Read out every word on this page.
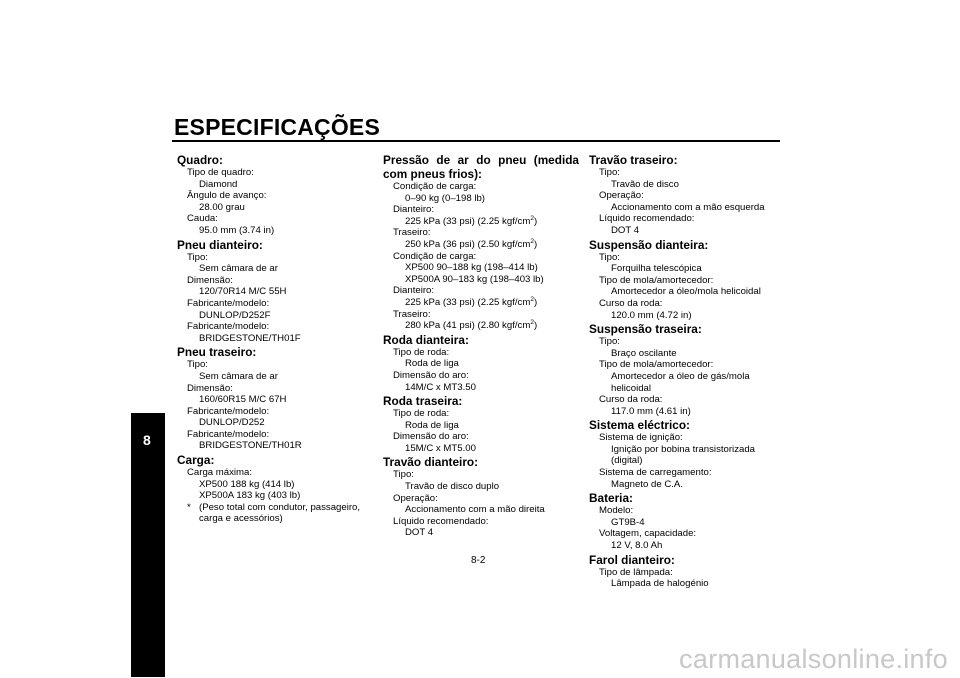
ESPECIFICAÇÕES
8
Quadro:
Tipo de quadro:
Diamond
Ângulo de avanço:
28.00 grau
Cauda:
95.0 mm (3.74 in)
Pneu dianteiro:
Tipo:
Sem câmara de ar
Dimensão:
120/70R14 M/C 55H
Fabricante/modelo:
DUNLOP/D252F
Fabricante/modelo:
BRIDGESTONE/TH01F
Pneu traseiro:
Tipo:
Sem câmara de ar
Dimensão:
160/60R15 M/C 67H
Fabricante/modelo:
DUNLOP/D252
Fabricante/modelo:
BRIDGESTONE/TH01R
Carga:
Carga máxima:
XP500 188 kg (414 lb)
XP500A 183 kg (403 lb)
* (Peso total com condutor, passageiro, carga e acessórios)
Pressão de ar do pneu (medida com pneus frios):
Condição de carga:
0–90 kg (0–198 lb)
Dianteiro:
225 kPa (33 psi) (2.25 kgf/$cm^2$)
Traseiro:
250 kPa (36 psi) (2.50 kgf/$cm^2$)
Condição de carga:
XP500 90–188 kg (198–414 lb)
XP500A 90–183 kg (198–403 lb)
Dianteiro:
225 kPa (33 psi) (2.25 kgf/$cm^2$)
Traseiro:
280 kPa (41 psi) (2.80 kgf/$cm^2$)
Roda dianteira:
Tipo de roda:
Roda de liga
Dimensão do aro:
14M/C x MT3.50
Roda traseira:
Tipo de roda:
Roda de liga
Dimensão do aro:
15M/C x MT5.00
Travão dianteiro:
Tipo:
Travão de disco duplo
Operação:
Accionamento com a mão direita
Líquido recomendado:
DOT 4
Travão traseiro:
Tipo:
Travão de disco
Operação:
Accionamento com a mão esquerda
Líquido recomendado:
DOT 4
Suspensão dianteira:
Tipo:
Forquilha telescópica
Tipo de mola/amortecedor:
Amortecedor a óleo/mola helicoidal
Curso da roda:
120.0 mm (4.72 in)
Suspensão traseira:
Tipo:
Braço oscilante
Tipo de mola/amortecedor:
Amortecedor a óleo de gás/mola helicoidal
Curso da roda:
117.0 mm (4.61 in)
Sistema eléctrico:
Sistema de ignição:
Ignição por bobina transistorizada (digital)
Sistema de carregamento:
Magneto de C.A.
Bateria:
Modelo:
GT9B-4
Voltagem, capacidade:
12 V, 8.0 Ah
Farol dianteiro:
Tipo de lâmpada:
Lâmpada de halogénio
8-2
carmanualsonline.info
